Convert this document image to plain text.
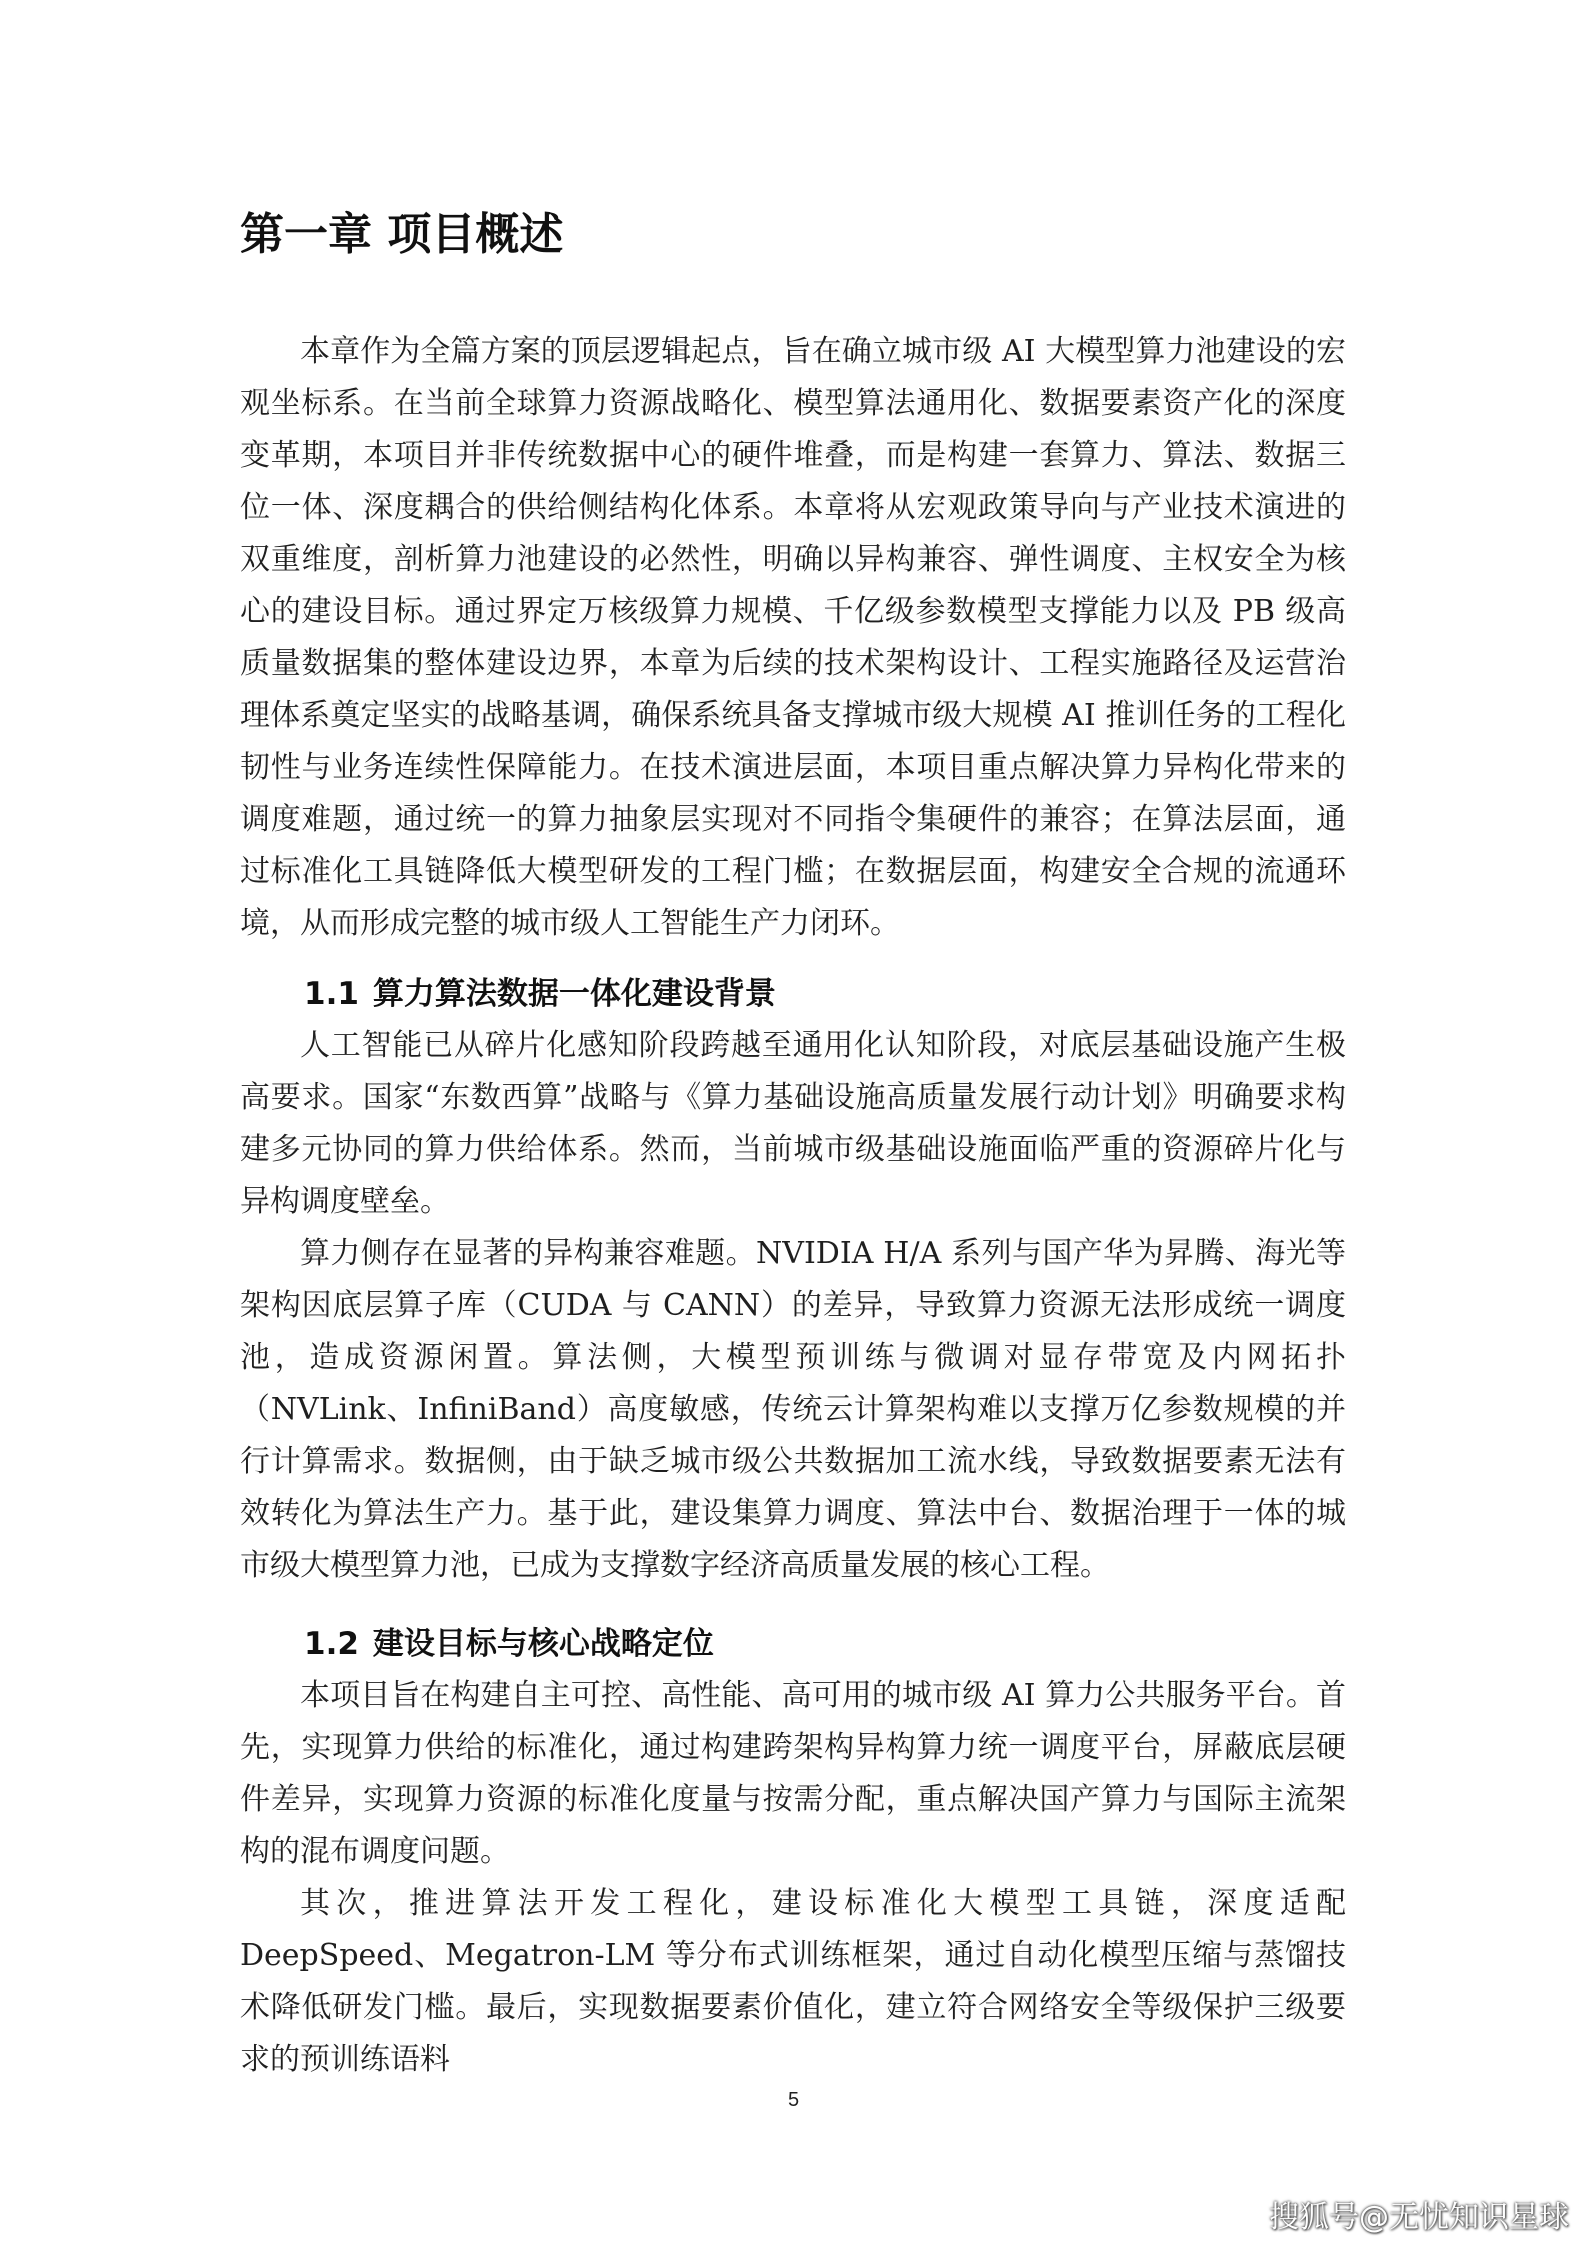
第一章 项目概述

本章作为全篇方案的顶层逻辑起点，旨在确立城市级 AI 大模型算力池建设的宏观坐标系。在当前全球算力资源战略化、模型算法通用化、数据要素资产化的深度变革期，本项目并非传统数据中心的硬件堆叠，而是构建一套算力、算法、数据三位一体、深度耦合的供给侧结构化体系。本章将从宏观政策导向与产业技术演进的双重维度，剖析算力池建设的必然性，明确以异构兼容、弹性调度、主权安全为核心的建设目标。通过界定万核级算力规模、千亿级参数模型支撑能力以及 PB 级高质量数据集的整体建设边界，本章为后续的技术架构设计、工程实施路径及运营治理体系奠定坚实的战略基调，确保系统具备支撑城市级大规模 AI 推训任务的工程化韧性与业务连续性保障能力。在技术演进层面，本项目重点解决算力异构化带来的调度难题，通过统一的算力抽象层实现对不同指令集硬件的兼容；在算法层面，通过标准化工具链降低大模型研发的工程门槛；在数据层面，构建安全合规的流通环境，从而形成完整的城市级人工智能生产力闭环。

1.1 算力算法数据一体化建设背景

人工智能已从碎片化感知阶段跨越至通用化认知阶段，对底层基础设施产生极高要求。国家“东数西算”战略与《算力基础设施高质量发展行动计划》明确要求构建多元协同的算力供给体系。然而，当前城市级基础设施面临严重的资源碎片化与异构调度壁垒。

算力侧存在显著的异构兼容难题。NVIDIA H/A 系列与国产华为昇腾、海光等架构因底层算子库（CUDA 与 CANN）的差异，导致算力资源无法形成统一调度池，造成资源闲置。算法侧，大模型预训练与微调对显存带宽及内网拓扑（NVLink、InfiniBand）高度敏感，传统云计算架构难以支撑万亿参数规模的并行计算需求。数据侧，由于缺乏城市级公共数据加工流水线，导致数据要素无法有效转化为算法生产力。基于此，建设集算力调度、算法中台、数据治理于一体的城市级大模型算力池，已成为支撑数字经济高质量发展的核心工程。

1.2 建设目标与核心战略定位

本项目旨在构建自主可控、高性能、高可用的城市级 AI 算力公共服务平台。首先，实现算力供给的标准化，通过构建跨架构异构算力统一调度平台，屏蔽底层硬件差异，实现算力资源的标准化度量与按需分配，重点解决国产算力与国际主流架构的混布调度问题。

其次，推进算法开发工程化，建设标准化大模型工具链，深度适配 DeepSpeed、Megatron-LM 等分布式训练框架，通过自动化模型压缩与蒸馏技术降低研发门槛。最后，实现数据要素价值化，建立符合网络安全等级保护三级要求的预训练语料

5
搜狐号@无忧知识星球
